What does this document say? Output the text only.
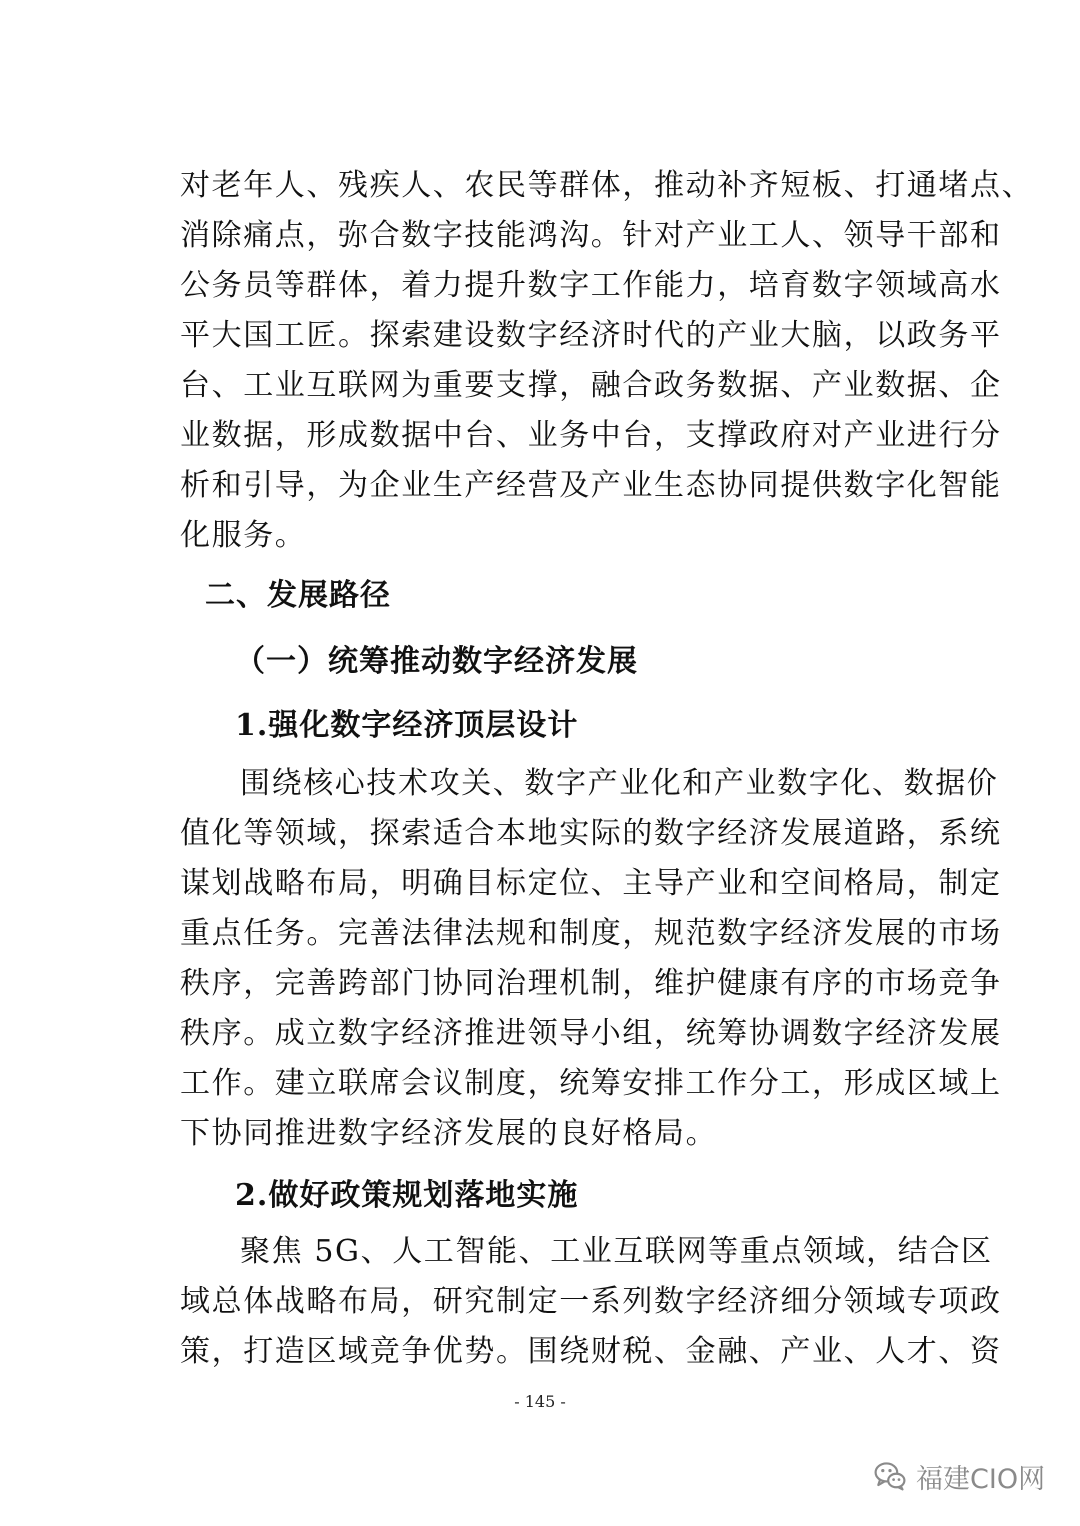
对老年人、残疾人、农民等群体，推动补齐短板、打通堵点、
消除痛点，弥合数字技能鸿沟。针对产业工人、领导干部和
公务员等群体，着力提升数字工作能力，培育数字领域高水
平大国工匠。探索建设数字经济时代的产业大脑，以政务平
台、工业互联网为重要支撑，融合政务数据、产业数据、企
业数据，形成数据中台、业务中台，支撑政府对产业进行分
析和引导，为企业生产经营及产业生态协同提供数字化智能
化服务。
二、发展路径
（一）统筹推动数字经济发展
1.强化数字经济顶层设计
围绕核心技术攻关、数字产业化和产业数字化、数据价
值化等领域，探索适合本地实际的数字经济发展道路，系统
谋划战略布局，明确目标定位、主导产业和空间格局，制定
重点任务。完善法律法规和制度，规范数字经济发展的市场
秩序，完善跨部门协同治理机制，维护健康有序的市场竞争
秩序。成立数字经济推进领导小组，统筹协调数字经济发展
工作。建立联席会议制度，统筹安排工作分工，形成区域上
下协同推进数字经济发展的良好格局。
2.做好政策规划落地实施
聚焦 5G、人工智能、工业互联网等重点领域，结合区
域总体战略布局，研究制定一系列数字经济细分领域专项政
策，打造区域竞争优势。围绕财税、金融、产业、人才、资
- 145 -
福建CIO网
